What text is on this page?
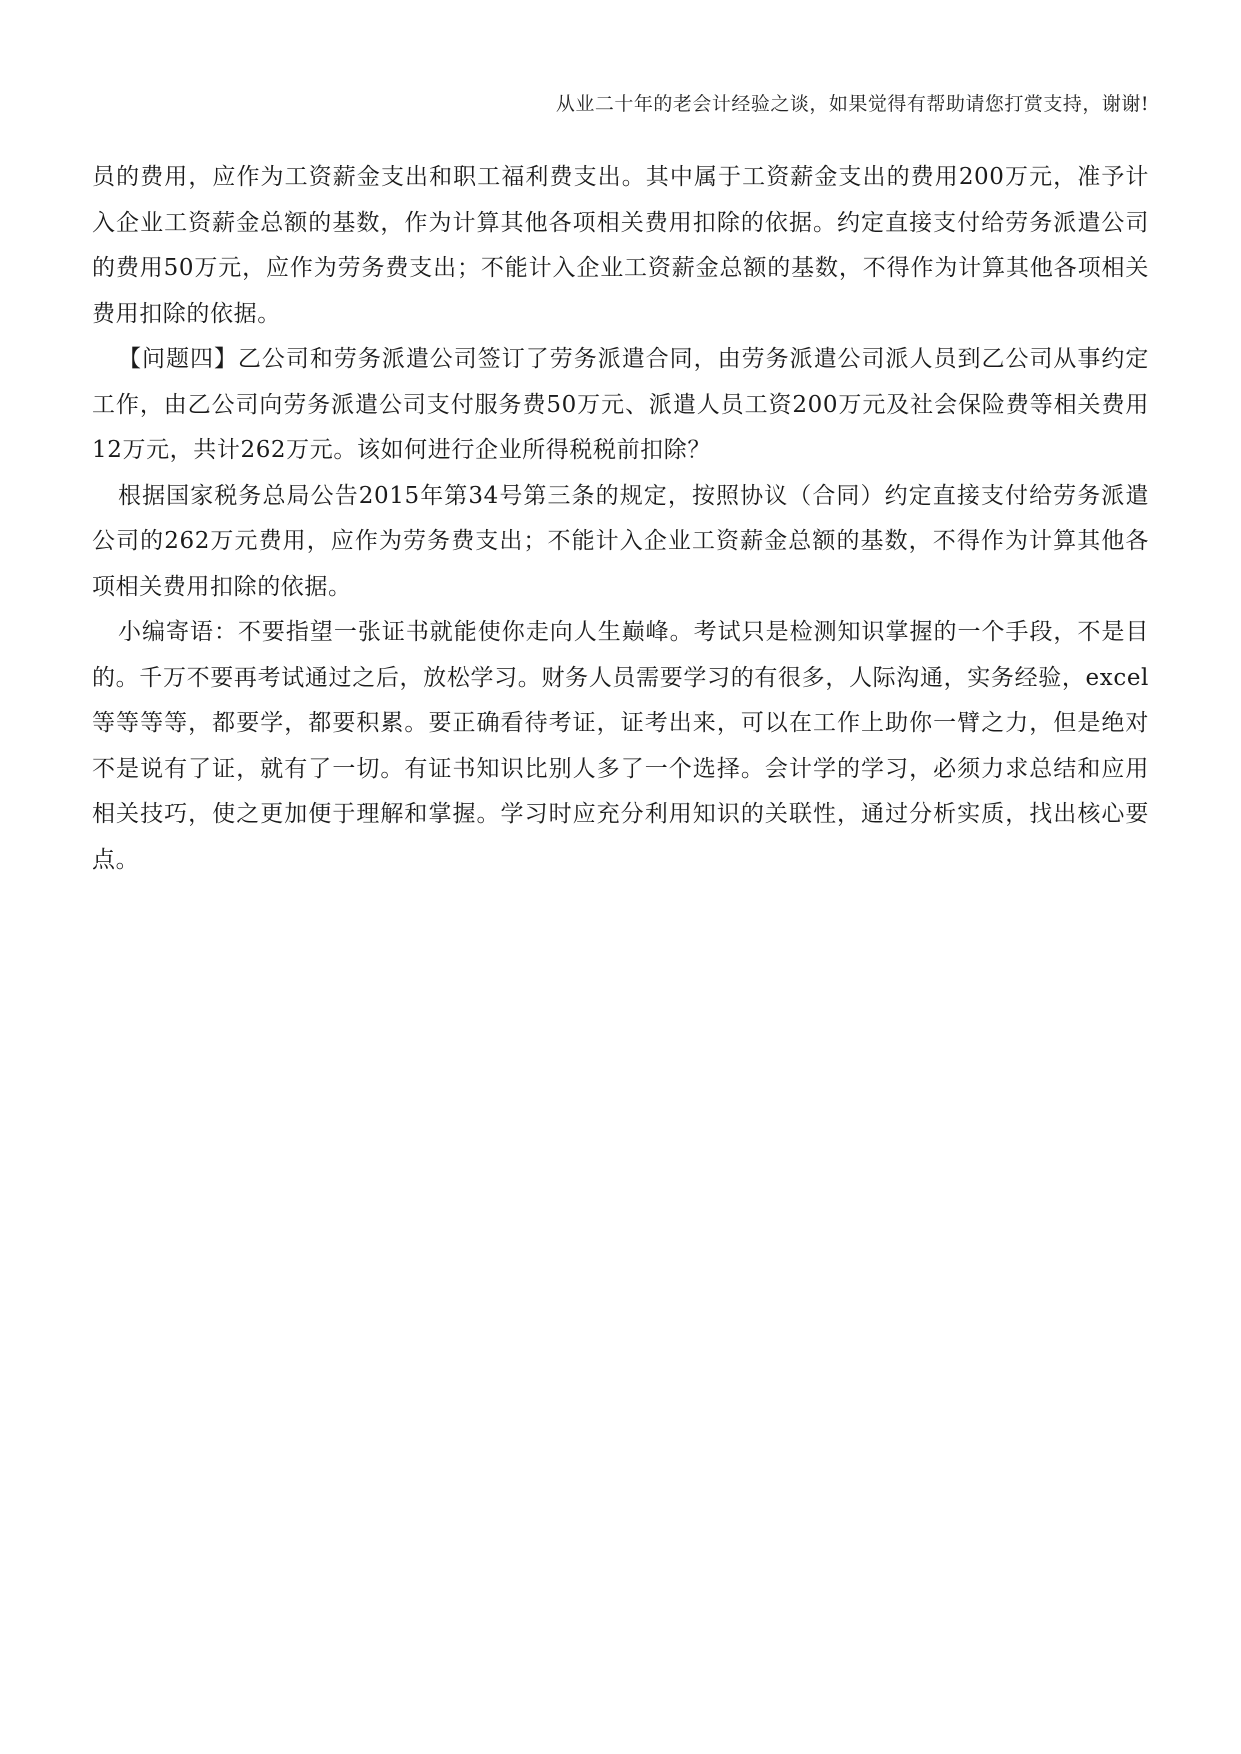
从业二十年的老会计经验之谈，如果觉得有帮助请您打赏支持，谢谢!

员的费用，应作为工资薪金支出和职工福利费支出。其中属于工资薪金支出的费用200万元，准予计入企业工资薪金总额的基数，作为计算其他各项相关费用扣除的依据。约定直接支付给劳务派遣公司的费用50万元，应作为劳务费支出；不能计入企业工资薪金总额的基数，不得作为计算其他各项相关费用扣除的依据。

【问题四】乙公司和劳务派遣公司签订了劳务派遣合同，由劳务派遣公司派人员到乙公司从事约定工作，由乙公司向劳务派遣公司支付服务费50万元、派遣人员工资200万元及社会保险费等相关费用12万元，共计262万元。该如何进行企业所得税税前扣除？

根据国家税务总局公告2015年第34号第三条的规定，按照协议（合同）约定直接支付给劳务派遣公司的262万元费用，应作为劳务费支出；不能计入企业工资薪金总额的基数，不得作为计算其他各项相关费用扣除的依据。

小编寄语：不要指望一张证书就能使你走向人生巅峰。考试只是检测知识掌握的一个手段，不是目的。千万不要再考试通过之后，放松学习。财务人员需要学习的有很多，人际沟通，实务经验，excel等等等等，都要学，都要积累。要正确看待考证，证考出来，可以在工作上助你一臂之力，但是绝对不是说有了证，就有了一切。有证书知识比别人多了一个选择。会计学的学习，必须力求总结和应用相关技巧，使之更加便于理解和掌握。学习时应充分利用知识的关联性，通过分析实质，找出核心要点。
